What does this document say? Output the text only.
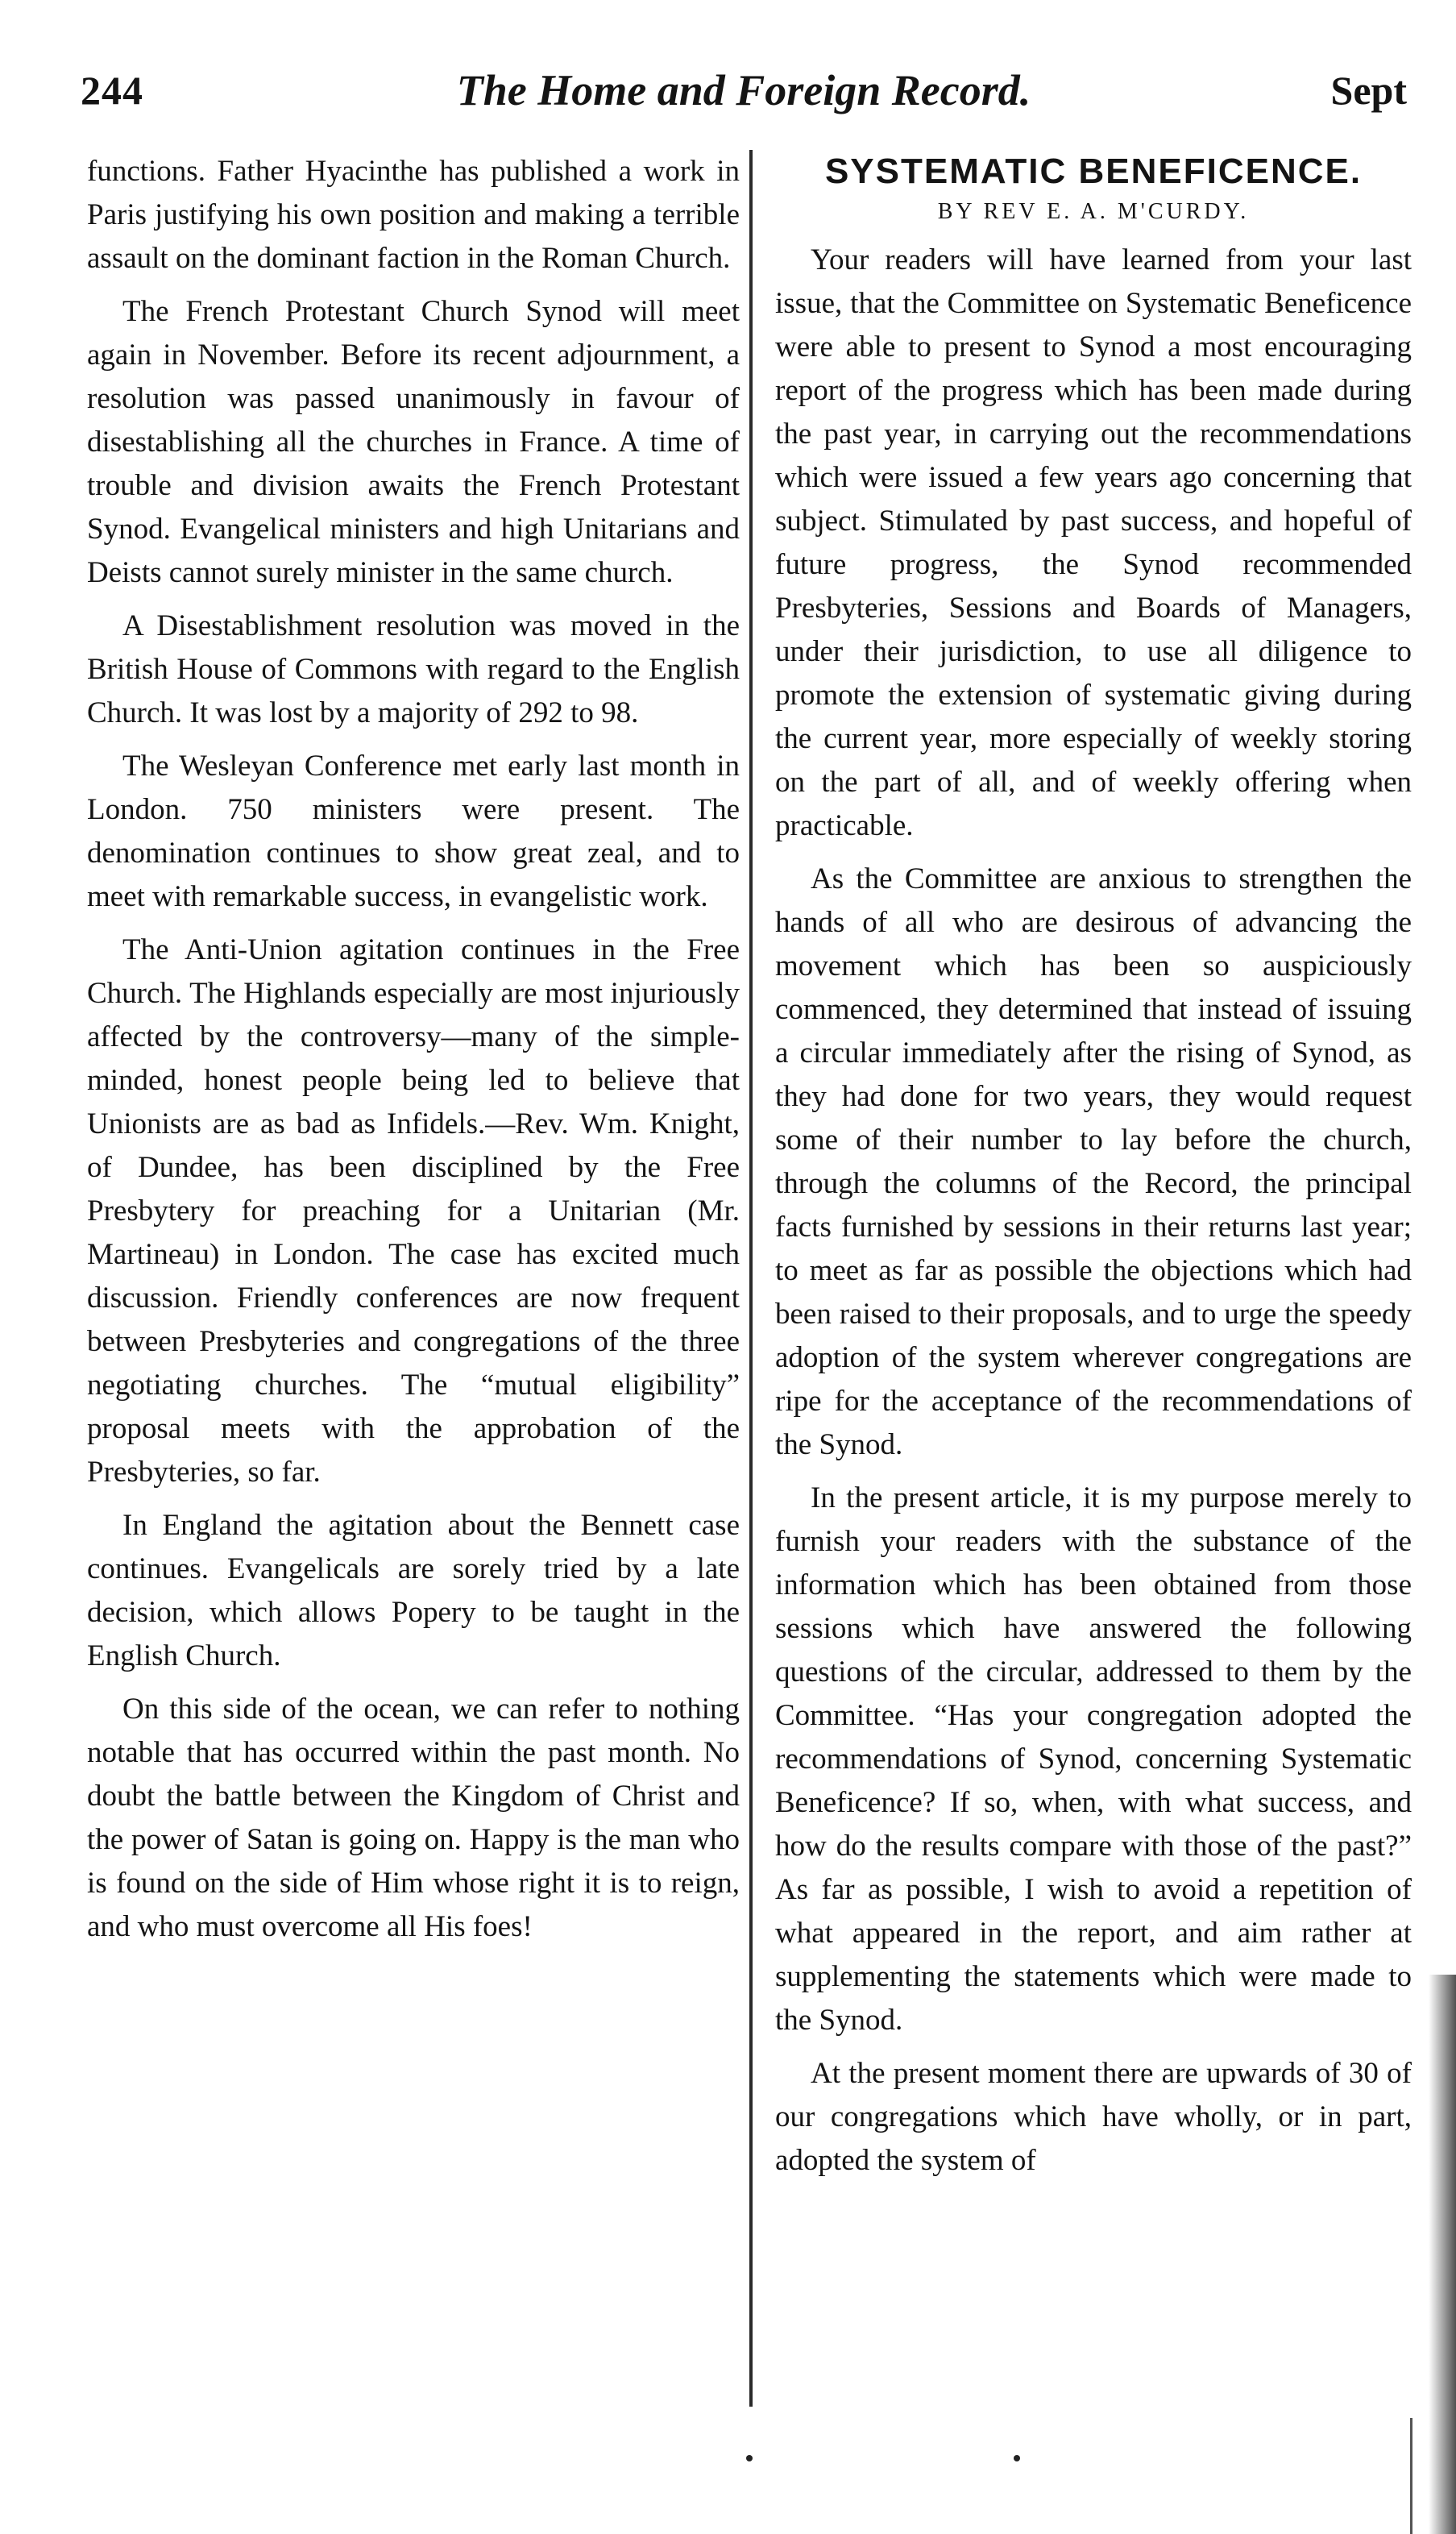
244	The Home and Foreign Record.	Sept

functions. Father Hyacinthe has published a work in Paris justifying his own position and making a terrible assault on the dominant faction in the Roman Church.

The French Protestant Church Synod will meet again in November. Before its recent adjournment, a resolution was passed unanimously in favour of disestablishing all the churches in France. A time of trouble and division awaits the French Protestant Synod. Evangelical ministers and high Unitarians and Deists cannot surely minister in the same church.

A Disestablishment resolution was moved in the British House of Commons with regard to the English Church. It was lost by a majority of 292 to 98.

The Wesleyan Conference met early last month in London. 750 ministers were present. The denomination continues to show great zeal, and to meet with remarkable success, in evangelistic work.

The Anti-Union agitation continues in the Free Church. The Highlands especially are most injuriously affected by the controversy—many of the simple-minded, honest people being led to believe that Unionists are as bad as Infidels.—Rev. Wm. Knight, of Dundee, has been disciplined by the Free Presbytery for preaching for a Unitarian (Mr. Martineau) in London. The case has excited much discussion. Friendly conferences are now frequent between Presbyteries and congregations of the three negotiating churches. The “mutual eligibility” proposal meets with the approbation of the Presbyteries, so far.

In England the agitation about the Bennett case continues. Evangelicals are sorely tried by a late decision, which allows Popery to be taught in the English Church.

On this side of the ocean, we can refer to nothing notable that has occurred within the past month. No doubt the battle between the Kingdom of Christ and the power of Satan is going on. Happy is the man who is found on the side of Him whose right it is to reign, and who must overcome all His foes!

SYSTEMATIC BENEFICENCE.
BY REV E. A. M'CURDY.

Your readers will have learned from your last issue, that the Committee on Systematic Beneficence were able to present to Synod a most encouraging report of the progress which has been made during the past year, in carrying out the recommendations which were issued a few years ago concerning that subject. Stimulated by past success, and hopeful of future progress, the Synod recommended Presbyteries, Sessions and Boards of Managers, under their jurisdiction, to use all diligence to promote the extension of systematic giving during the current year, more especially of weekly storing on the part of all, and of weekly offering when practicable.

As the Committee are anxious to strengthen the hands of all who are desirous of advancing the movement which has been so auspiciously commenced, they determined that instead of issuing a circular immediately after the rising of Synod, as they had done for two years, they would request some of their number to lay before the church, through the columns of the Record, the principal facts furnished by sessions in their returns last year; to meet as far as possible the objections which had been raised to their proposals, and to urge the speedy adoption of the system wherever congregations are ripe for the acceptance of the recommendations of the Synod.

In the present article, it is my purpose merely to furnish your readers with the substance of the information which has been obtained from those sessions which have answered the following questions of the circular, addressed to them by the Committee. “Has your congregation adopted the recommendations of Synod, concerning Systematic Beneficence? If so, when, with what success, and how do the results compare with those of the past?” As far as possible, I wish to avoid a repetition of what appeared in the report, and aim rather at supplementing the statements which were made to the Synod.

At the present moment there are upwards of 30 of our congregations which have wholly, or in part, adopted the system of
